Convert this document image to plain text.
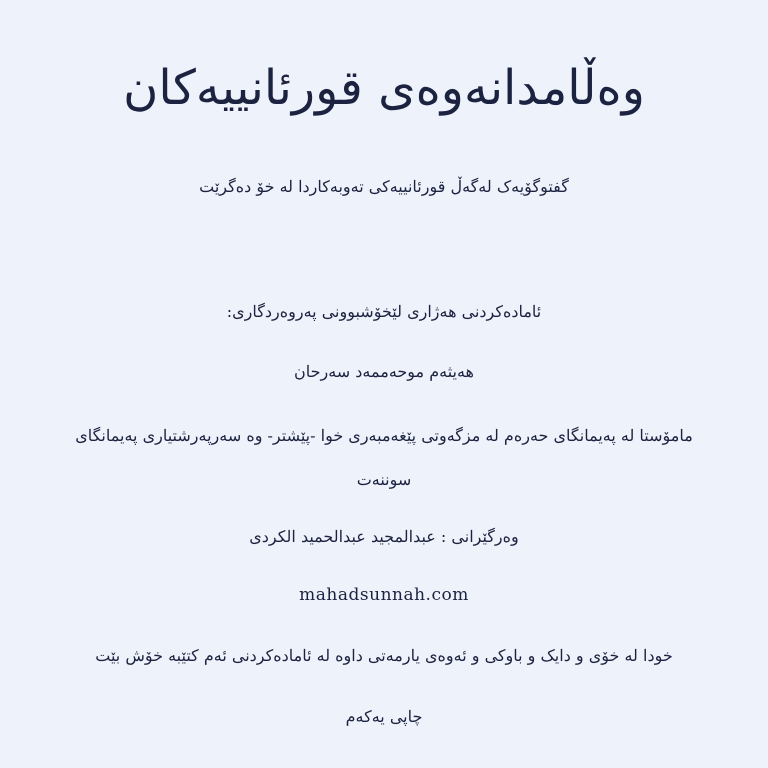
وەڵامدانەوەی قورئانییەکان

گفتوگۆیەک لەگەڵ قورئانییەکی تەوبەکاردا لە خۆ دەگرێت

ئامادەکردنی هەژاری لێخۆشبوونی پەروەردگاری:

هەیثەم موحەممەد سەرحان

مامۆستا لە پەیمانگای حەرەم لە مزگەوتی پێغەمبەری خوا -پێشتر- وە سەرپەرشتیاری پەیمانگای سوننەت

وەرگێرانی : عبدالمجيد عبدالحميد الكردى

mahadsunnah.com

خودا لە خۆی و دایک و باوکی و ئەوەی یارمەتی داوە لە ئامادەکردنی ئەم کتێبە خۆش بێت

چاپی یەکەم
